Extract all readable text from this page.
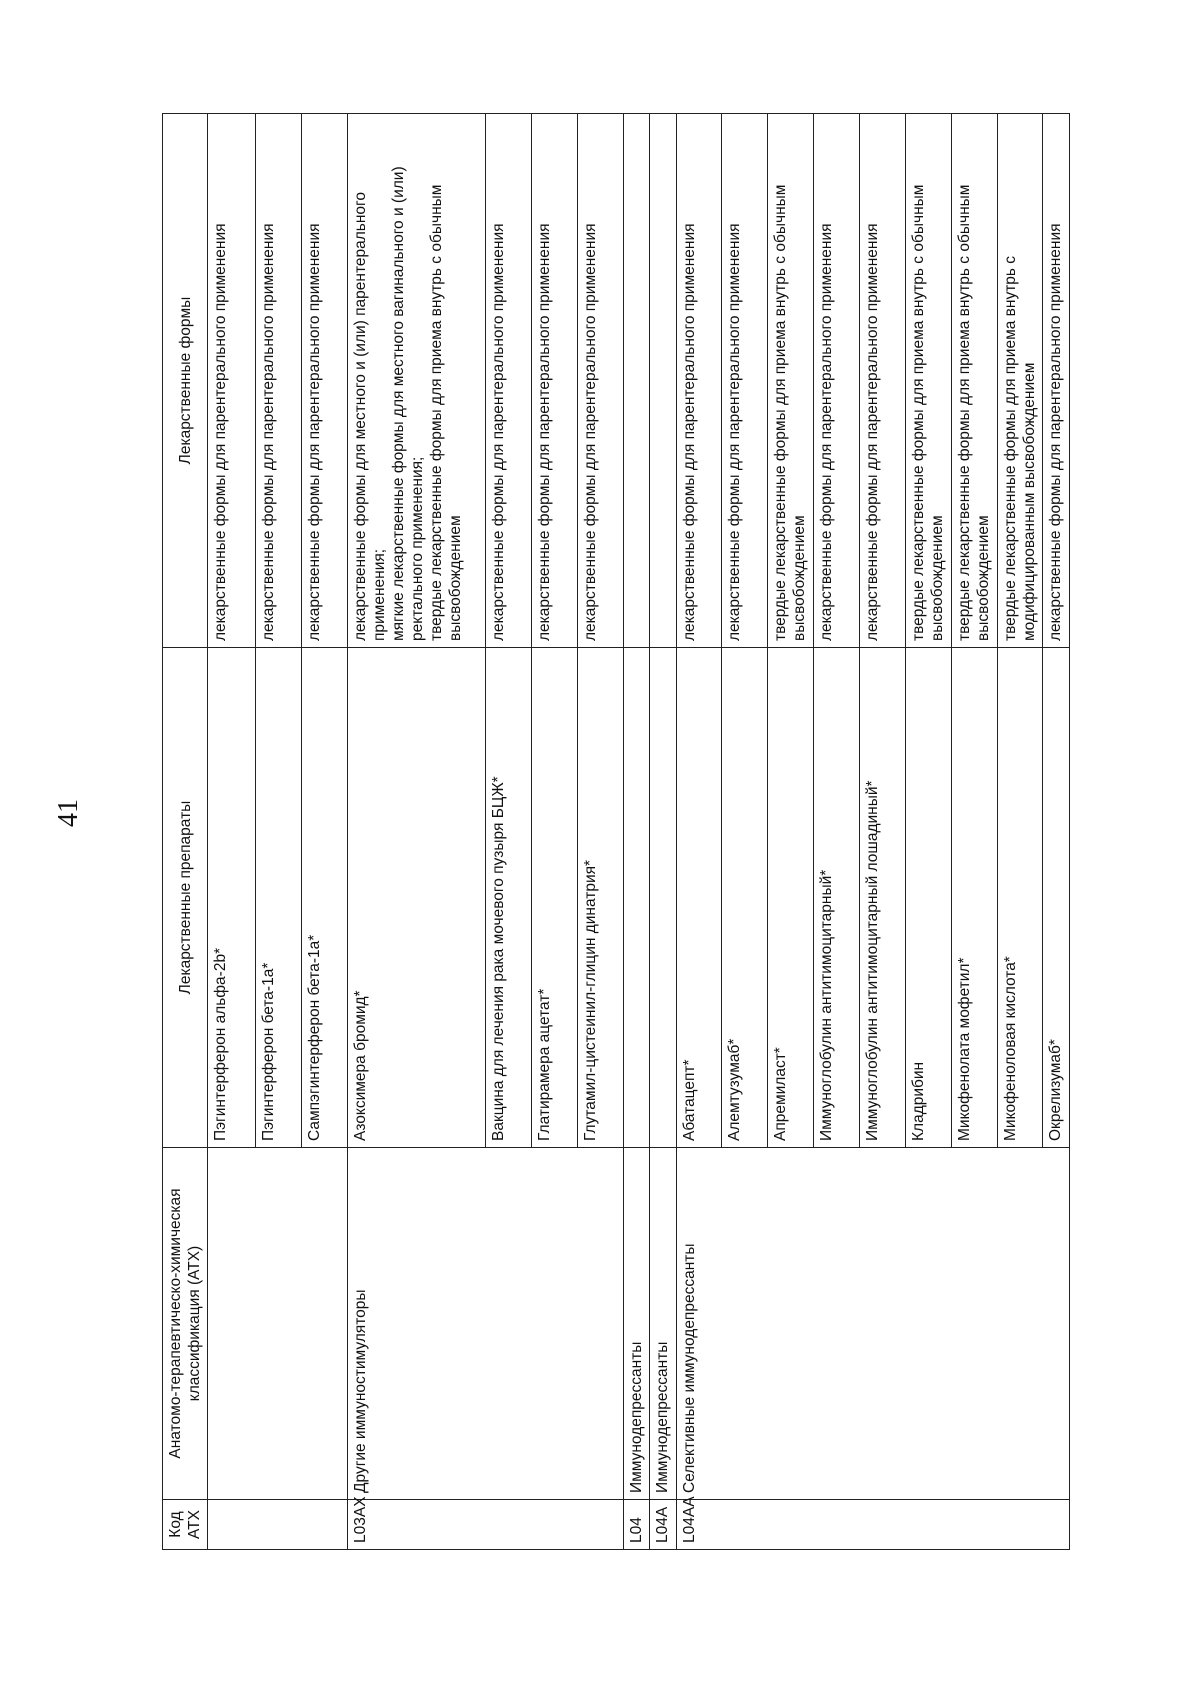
41
Код АТХ	Анатомо-терапевтическо-химическая классификация (АТХ)	Лекарственные препараты	Лекарственные формы
		Пэгинтерферон альфа-2b*	лекарственные формы для парентерального применения

		Пэгинтерферон бета-1а*	лекарственные формы для парентерального применения

		Сампэгинтерферон бета-1а*	лекарственные формы для парентерального применения

L03AX	Другие иммуностимуляторы	Азоксимера бромид*	лекарственные формы для местного и (или) парентерального применения; мягкие лекарственные формы для местного вагинального и (или) ректального применения; твердые лекарственные формы для приема внутрь с обычным высвобождением

		Вакцина для лечения рака мочевого пузыря БЦЖ*	лекарственные формы для парентерального применения

		Глатирамера ацетат*	лекарственные формы для парентерального применения

		Глутамил-цистеинил-глицин динатрия*	лекарственные формы для парентерального применения

L04	Иммунодепрессанты		
L04A	Иммунодепрессанты		
L04AA	Селективные иммунодепрессанты	Абатацепт*	лекарственные формы для парентерального применения

		Алемтузумаб*	лекарственные формы для парентерального применения

		Апремиласт*	твердые лекарственные формы для приема внутрь с обычным высвобождением

		Иммуноглобулин антитимоцитарный*	лекарственные формы для парентерального применения

		Иммуноглобулин антитимоцитарный лошадиный*	лекарственные формы для парентерального применения

		Кладрибин	твердые лекарственные формы для приема внутрь с обычным высвобождением

		Микофенолата мофетил*	твердые лекарственные формы для приема внутрь с обычным высвобождением

		Микофеноловая кислота*	твердые лекарственные формы для приема внутрь с модифицированным высвобождением

		Окрелизумаб*	лекарственные формы для парентерального применения
